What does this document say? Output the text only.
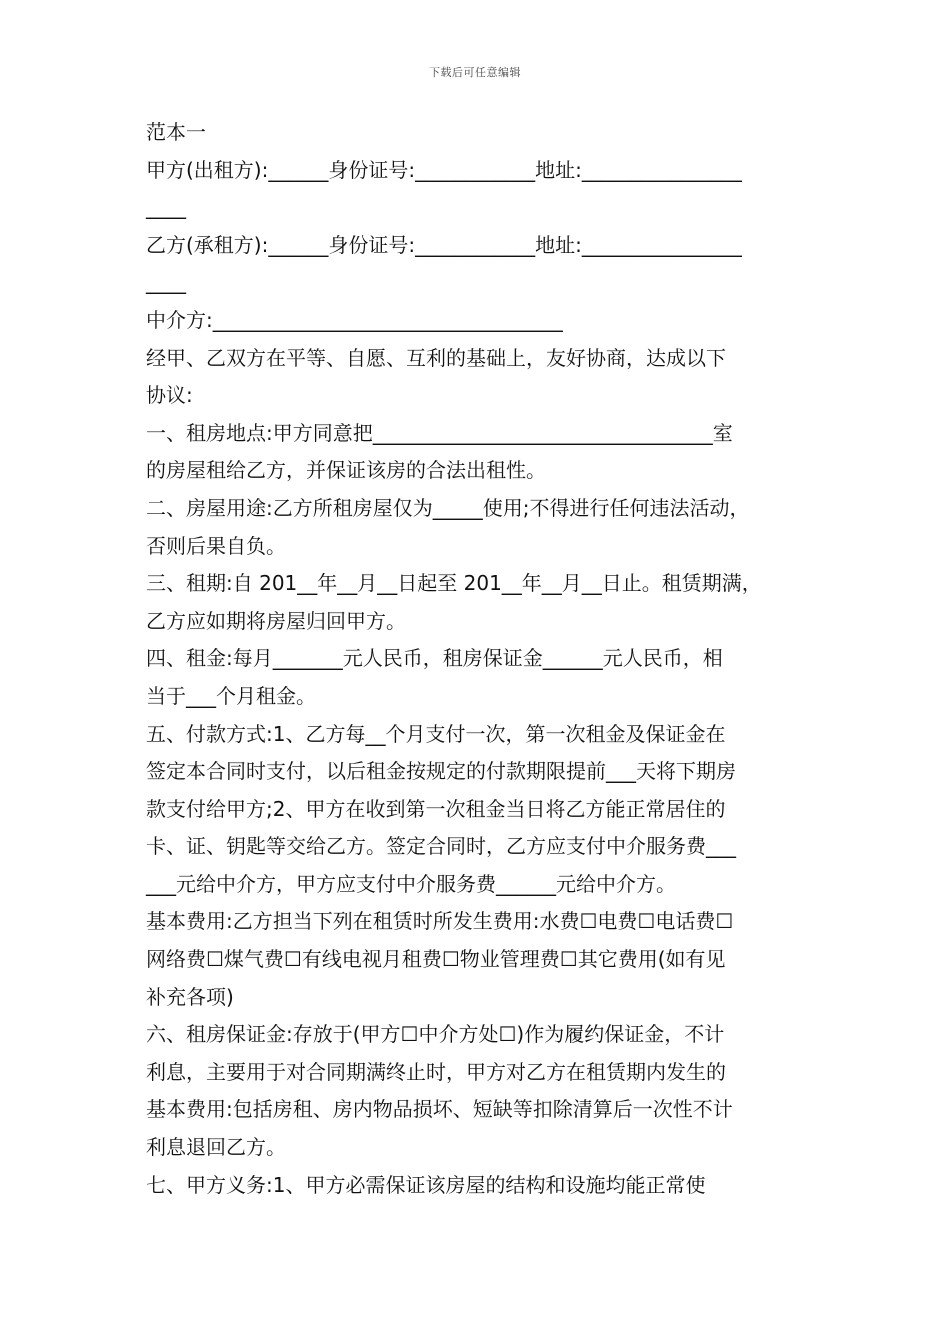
下载后可任意编辑

范本一

甲方(出租方):______身份证号:____________地址:________________

____

乙方(承租方):______身份证号:____________地址:________________

____

中介方:___________________________________

经甲、乙双方在平等、自愿、互利的基础上，友好协商，达成以下

协议:

一、租房地点:甲方同意把__________________________________室

的房屋租给乙方，并保证该房的合法出租性。

二、房屋用途:乙方所租房屋仅为_____使用;不得进行任何违法活动，

否则后果自负。

三、租期:自 201__年__月__日起至 201__年__月__日止。租赁期满，

乙方应如期将房屋归回甲方。

四、租金:每月_______元人民币，租房保证金______元人民币，相

当于___个月租金。

五、付款方式:1、乙方每__个月支付一次，第一次租金及保证金在

签定本合同时支付，以后租金按规定的付款期限提前___天将下期房

款支付给甲方;2、甲方在收到第一次租金当日将乙方能正常居住的

卡、证、钥匙等交给乙方。签定合同时，乙方应支付中介服务费___

___元给中介方，甲方应支付中介服务费______元给中介方。

基本费用:乙方担当下列在租赁时所发生费用:水费☐电费☐电话费☐

网络费☐煤气费☐有线电视月租费☐物业管理费☐其它费用(如有见

补充各项)

六、租房保证金:存放于(甲方☐中介方处☐)作为履约保证金，不计

利息，主要用于对合同期满终止时，甲方对乙方在租赁期内发生的

基本费用:包括房租、房内物品损坏、短缺等扣除清算后一次性不计

利息退回乙方。

七、甲方义务:1、甲方必需保证该房屋的结构和设施均能正常使
